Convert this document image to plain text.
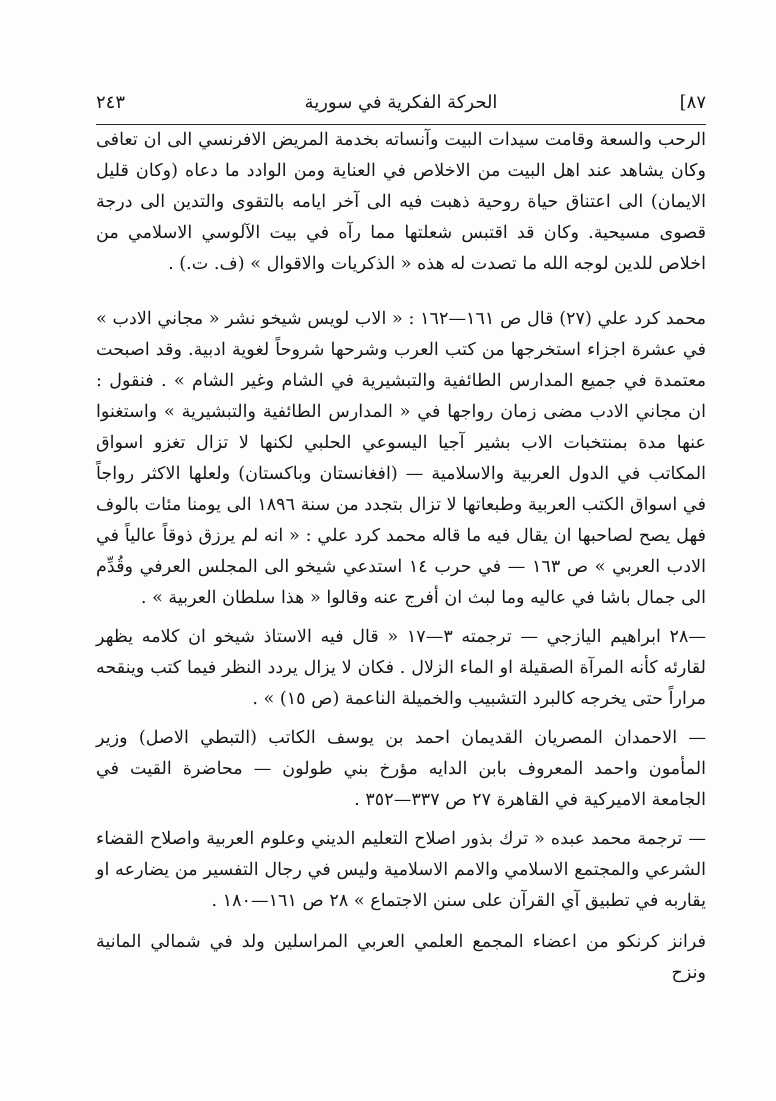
٨٧]
الحركة الفكرية في سورية
٢٤٣

الرحب والسعة وقامت سيدات البيت وآنساته بخدمة المريض الافرنسي الى ان تعافى وكان يشاهد عند اهل البيت من الاخلاص في العناية ومن الوادد ما دعاه (وكان قليل الايمان) الى اعتناق حياة روحية ذهبت فيه الى آخر ايامه بالتقوى والتدين الى درجة قصوى مسيحية. وكان قد اقتبس شعلتها مما رآه في بيت الآلوسي الاسلامي من اخلاص للدين لوجه الله ما تصدت له هذه « الذكريات والاقوال » (ف. ت.) .

محمد كرد علي (٢٧) قال ص ١٦١—١٦٢ : « الاب لويس شيخو نشر « مجاني الادب » في عشرة اجزاء استخرجها من كتب العرب وشرحها شروحاً لغوية ادبية. وقد اصبحت معتمدة في جميع المدارس الطائفية والتبشيرية في الشام وغير الشام » . فنقول : ان مجاني الادب مضى زمان رواجها في « المدارس الطائفية والتبشيرية » واستغنوا عنها مدة بمنتخبات الاب بشير آجيا اليسوعي الحلبي لكنها لا تزال تغزو اسواق المكاتب في الدول العربية والاسلامية — (افغانستان وباكستان) ولعلها الاكثر رواجاً في اسواق الكتب العربية وطبعاتها لا تزال بتجدد من سنة ١٨٩٦ الى يومنا مئات بالوف فهل يصح لصاحبها ان يقال فيه ما قاله محمد كرد علي : « انه لم يرزق ذوقاً عالياً في الادب العربي » ص ١٦٣ — في حرب ١٤ استدعي شيخو الى المجلس العرفي وقُدِّم الى جمال باشا في عاليه وما لبث ان أفرج عنه وقالوا « هذا سلطان العربية » .

—٢٨ ابراهيم اليازجي — ترجمته ٣—١٧ « قال فيه الاستاذ شيخو ان كلامه يظهر لقارئه كأنه المرآة الصقيلة او الماء الزلال . فكان لا يزال يردد النظر فيما كتب وينقحه مراراً حتى يخرجه كالبرد التشبيب والخميلة الناعمة (ص ١٥) » .

— الاحمدان المصريان القديمان احمد بن يوسف الكاتب (التبطي الاصل) وزير المأمون واحمد المعروف بابن الدايه مؤرخ بني طولون — محاضرة القيت في الجامعة الاميركية في القاهرة ٢٧ ص ٣٣٧—٣٥٢ .

— ترجمة محمد عبده « ترك بذور اصلاح التعليم الديني وعلوم العربية واصلاح القضاء الشرعي والمجتمع الاسلامي والامم الاسلامية وليس في رجال التفسير من يضارعه او يقاربه في تطبيق آي القرآن على سنن الاجتماع » ٢٨ ص ١٦١—١٨٠ .

فرانز كرنكو من اعضاء المجمع العلمي العربي المراسلين ولد في شمالي المانية ونزح
